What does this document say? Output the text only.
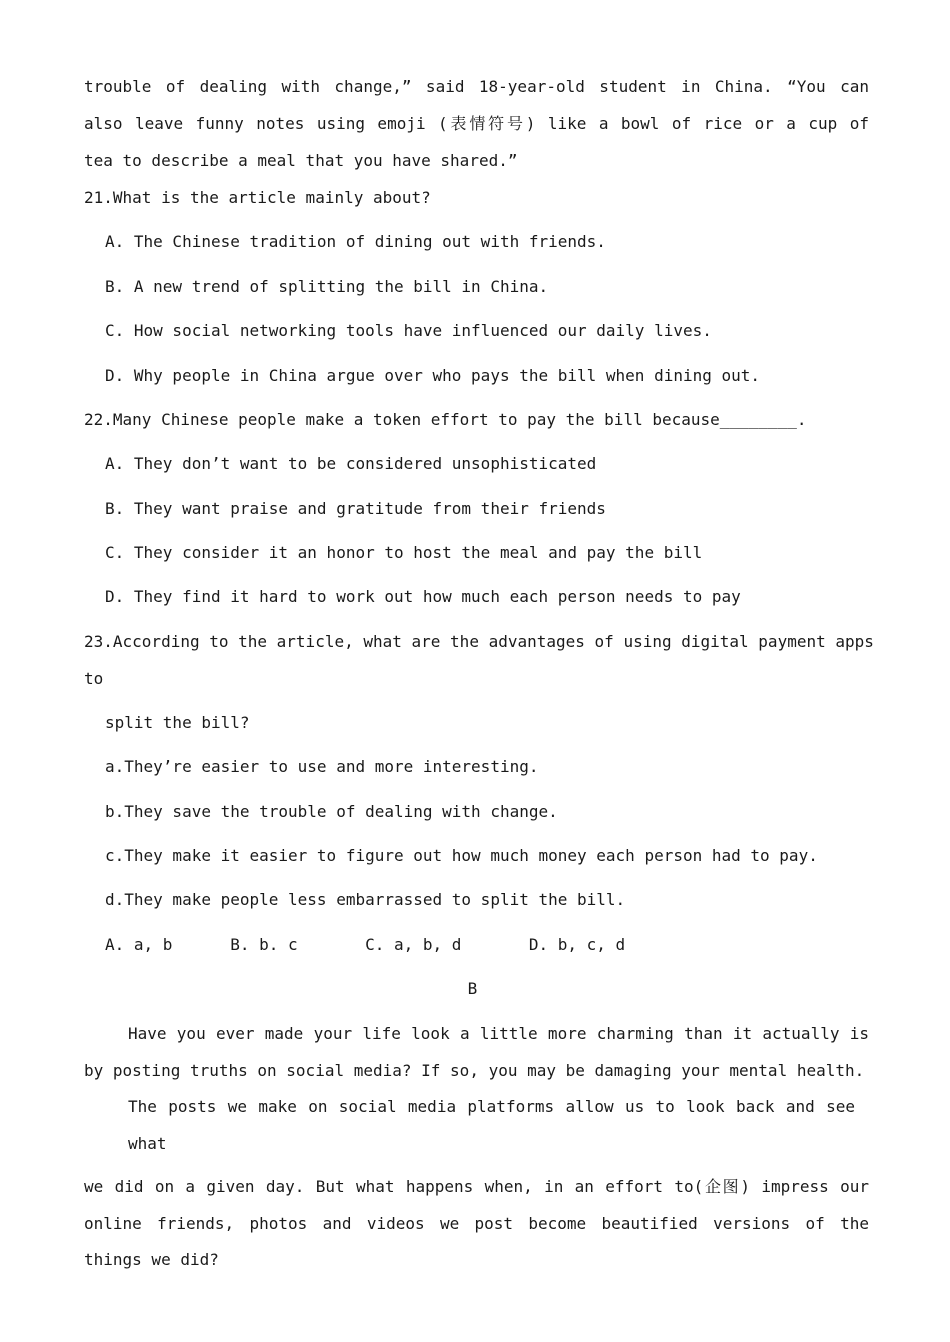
trouble of dealing with change,” said 18-year-old student in China. “You can
also leave funny notes using emoji (表情符号) like a bowl of rice or a cup of
tea to describe a meal that you have shared.”
21.What is the article mainly about?
A. The Chinese tradition of dining out with friends.
B. A new trend of splitting the bill in China.
C. How social networking tools have influenced our daily lives.
D. Why people in China argue over who pays the bill when dining out.
22.Many Chinese people make a token effort to pay the bill because________.
A. They don’t want to be considered unsophisticated
B. They want praise and gratitude from their friends
C. They consider it an honor to host the meal and pay the bill
D. They find it hard to work out how much each person needs to pay
23.According to the article, what are the advantages of using digital payment apps
to
split the bill?
a.They’re easier to use and more interesting.
b.They save the trouble of dealing with change.
c.They make it easier to figure out how much money each person had to pay.
d.They make people less embarrassed to split the bill.
A. a, b      B. b. c       C. a, b, d       D. b, c, d
B
Have you ever made your life look a little more charming than it actually is
by posting truths on social media? If so, you may be damaging your mental health.
The posts we make on social media platforms allow us to look back and see
what
we did on a given day. But what happens when, in an effort to(企图) impress our
online friends, photos and videos we post become beautified versions of the
things we did?
